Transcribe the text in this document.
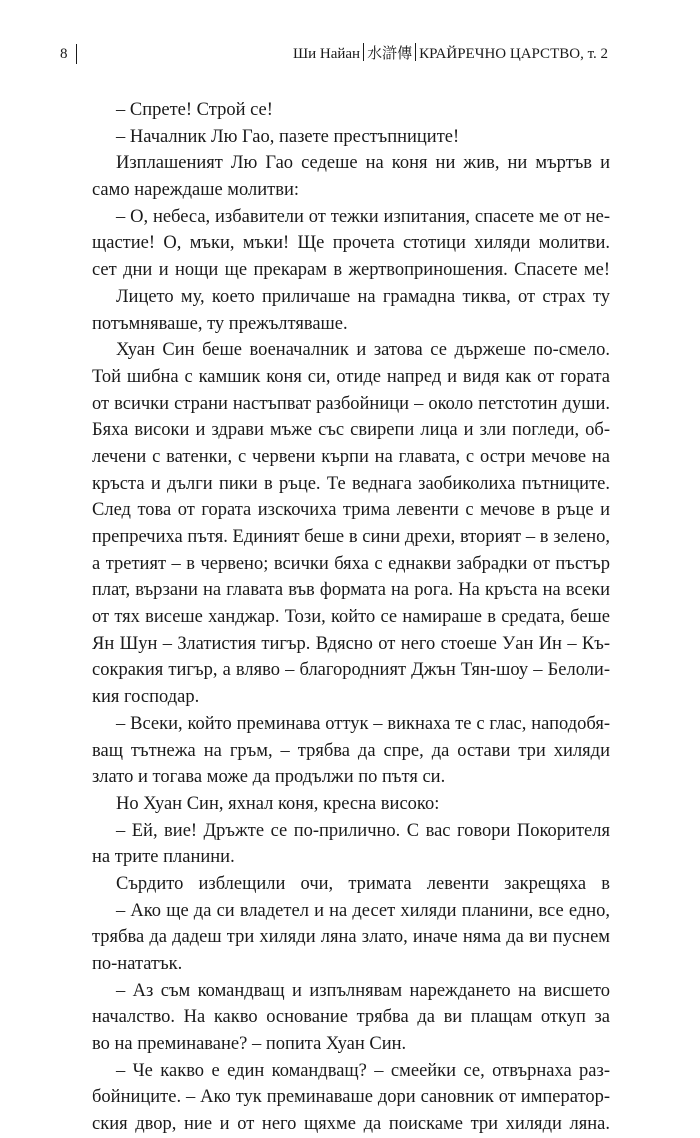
8	Ши Найан 水滸傳 КРАЙРЕЧНО ЦАРСТВО, т. 2
– Спрете! Строй се!
– Началник Лю Гао, пазете престъпниците!
Изплашеният Лю Гао седеше на коня ни жив, ни мъртъв и
само нареждаше молитви:
– О, небеса, избавители от тежки изпитания, спасете ме от не-
щастие! О, мъки, мъки! Ще прочета стотици хиляди молитви.
сет дни и нощи ще прекарам в жертвоприношения. Спасете ме!
Лицето му, което приличаше на грамадна тиква, от страх ту
потъмняваше, ту прежълтяваше.
Хуан Син беше военачалник и затова се държеше по-смело.
Той шибна с камшик коня си, отиде напред и видя как от гората
от всички страни настъпват разбойници – около петстотин души.
Бяха високи и здрави мъже със свирепи лица и зли погледи, об-
лечени с ватенки, с червени кърпи на главата, с остри мечове на
кръста и дълги пики в ръце. Те веднага заобиколиха пътниците.
След това от гората изскочиха трима левенти с мечове в ръце и
препречиха пътя. Единият беше в сини дрехи, вторият – в зелено,
а третият – в червено; всички бяха с еднакви забрадки от пъстър
плат, вързани на главата във формата на рога. На кръста на всеки
от тях висеше ханджар. Този, който се намираше в средата, беше
Ян Шун – Златистия тигър. Вдясно от него стоеше Уан Ин – Къ-
сокракия тигър, а вляво – благородният Джън Тян-шоу – Белоли-
кия господар.
– Всеки, който преминава оттук – викнаха те с глас, наподобя-
ващ тътнежа на гръм, – трябва да спре, да остави три хиляди
злато и тогава може да продължи по пътя си.
Но Хуан Син, яхнал коня, кресна високо:
– Ей, вие! Дръжте се по-прилично. С вас говори Покорителя
на трите планини.
Сърдито изблещили очи, тримата левенти закрещяха в
– Ако ще да си владетел и на десет хиляди планини, все едно,
трябва да дадеш три хиляди ляна злато, иначе няма да ви пуснем
по-нататък.
– Аз съм командващ и изпълнявам нареждането на висшето
началство. На какво основание трябва да ви плащам откуп за
во на преминаване? – попита Хуан Син.
– Че какво е един командващ? – смеейки се, отвърнаха раз-
бойниците. – Ако тук преминаваше дори сановник от император-
ския двор, ние и от него щяхме да поискаме три хиляди ляна.
